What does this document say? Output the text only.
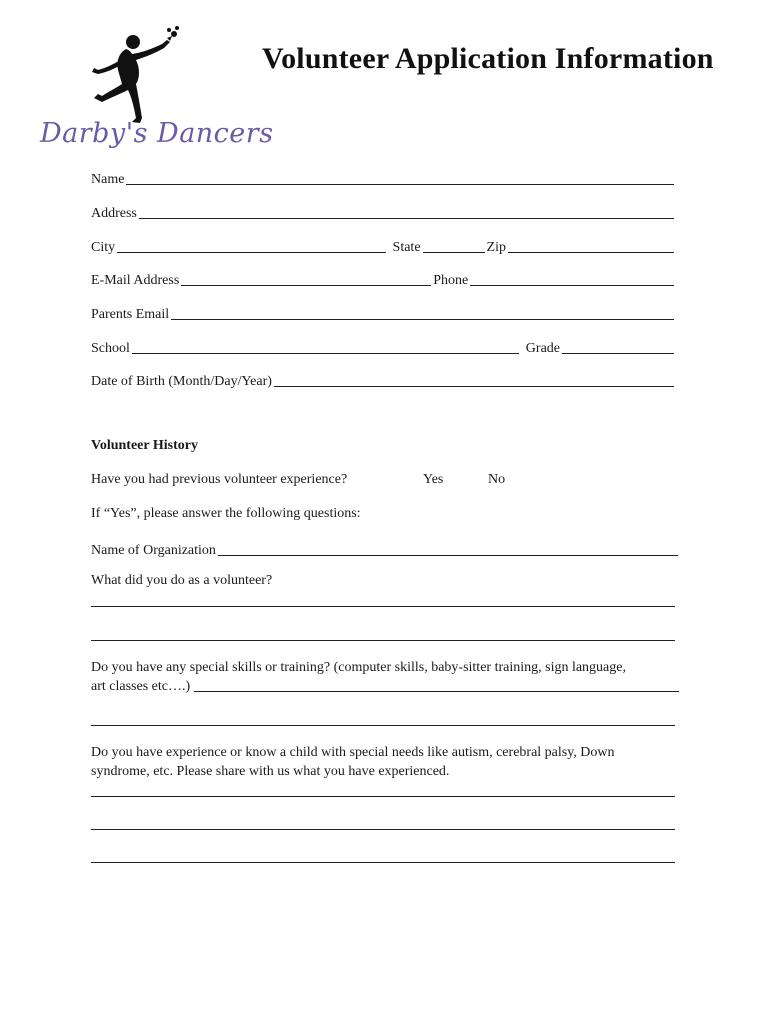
Darby's Dancers
Volunteer Application Information
Name
Address
City	State	Zip
E-Mail Address	Phone
Parents Email
School	Grade
Date of Birth (Month/Day/Year)
Volunteer History
Have you had previous volunteer experience?	Yes	No
If “Yes”, please answer the following questions:
Name of Organization
What did you do as a volunteer?
Do you have any special skills or training? (computer skills, baby-sitter training, sign language,
art classes etc….)
Do you have experience or know a child with special needs like autism, cerebral palsy, Down
syndrome, etc. Please share with us what you have experienced.
